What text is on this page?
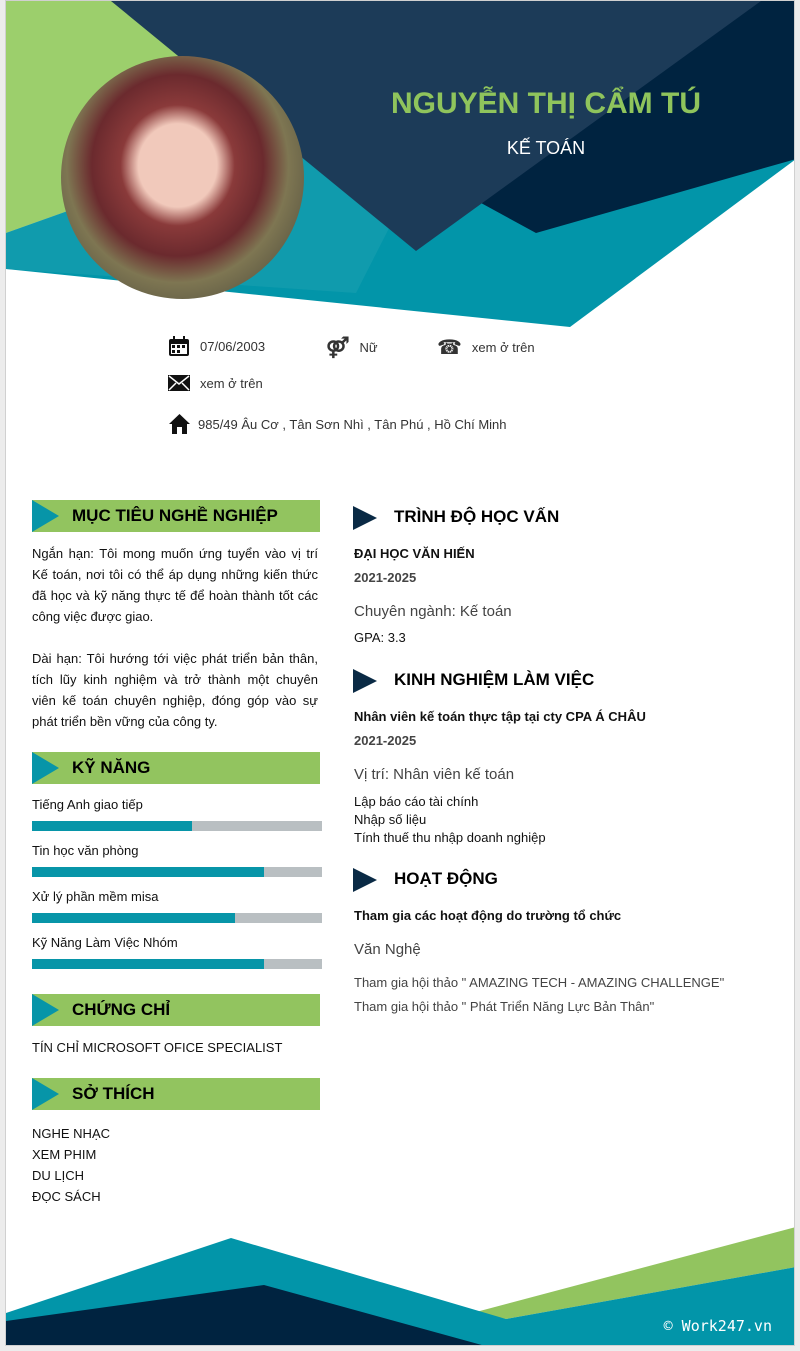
NGUYỄN THỊ CẨM TÚ
KẾ TOÁN
07/06/2003	⚤ Nữ	☎ xem ở trên
xem ở trên
985/49 Âu Cơ , Tân Sơn Nhì , Tân Phú , Hồ Chí Minh
MỤC TIÊU NGHỀ NGHIỆP
Ngắn hạn: Tôi mong muốn ứng tuyển vào vị trí Kế toán, nơi tôi có thể áp dụng những kiến thức đã học và kỹ năng thực tế để hoàn thành tốt các công việc được giao.
Dài hạn: Tôi hướng tới việc phát triển bản thân, tích lũy kinh nghiệm và trở thành một chuyên viên kế toán chuyên nghiệp, đóng góp vào sự phát triển bền vững của công ty.
KỸ NĂNG
Tiếng Anh giao tiếp
Tin học văn phòng
Xử lý phần mềm misa
Kỹ Năng Làm Việc Nhóm
CHỨNG CHỈ
TÍN CHỈ MICROSOFT OFICE SPECIALIST
SỞ THÍCH
NGHE NHẠC
XEM PHIM
DU LỊCH
ĐỌC SÁCH
TRÌNH ĐỘ HỌC VẤN
ĐẠI HỌC VĂN HIẾN
2021-2025
Chuyên ngành: Kế toán
GPA: 3.3
KINH NGHIỆM LÀM VIỆC
Nhân viên kế toán thực tập tại cty CPA Á CHÂU
2021-2025
Vị trí: Nhân viên kế toán
Lập báo cáo tài chính
Nhập số liệu
Tính thuế thu nhập doanh nghiệp
HOẠT ĐỘNG
Tham gia các hoạt động do trường tổ chức
Văn Nghệ
Tham gia hội thảo " AMAZING TECH - AMAZING CHALLENGE"
Tham gia hội thảo " Phát Triển Năng Lực Bản Thân"
© Work247.vn
